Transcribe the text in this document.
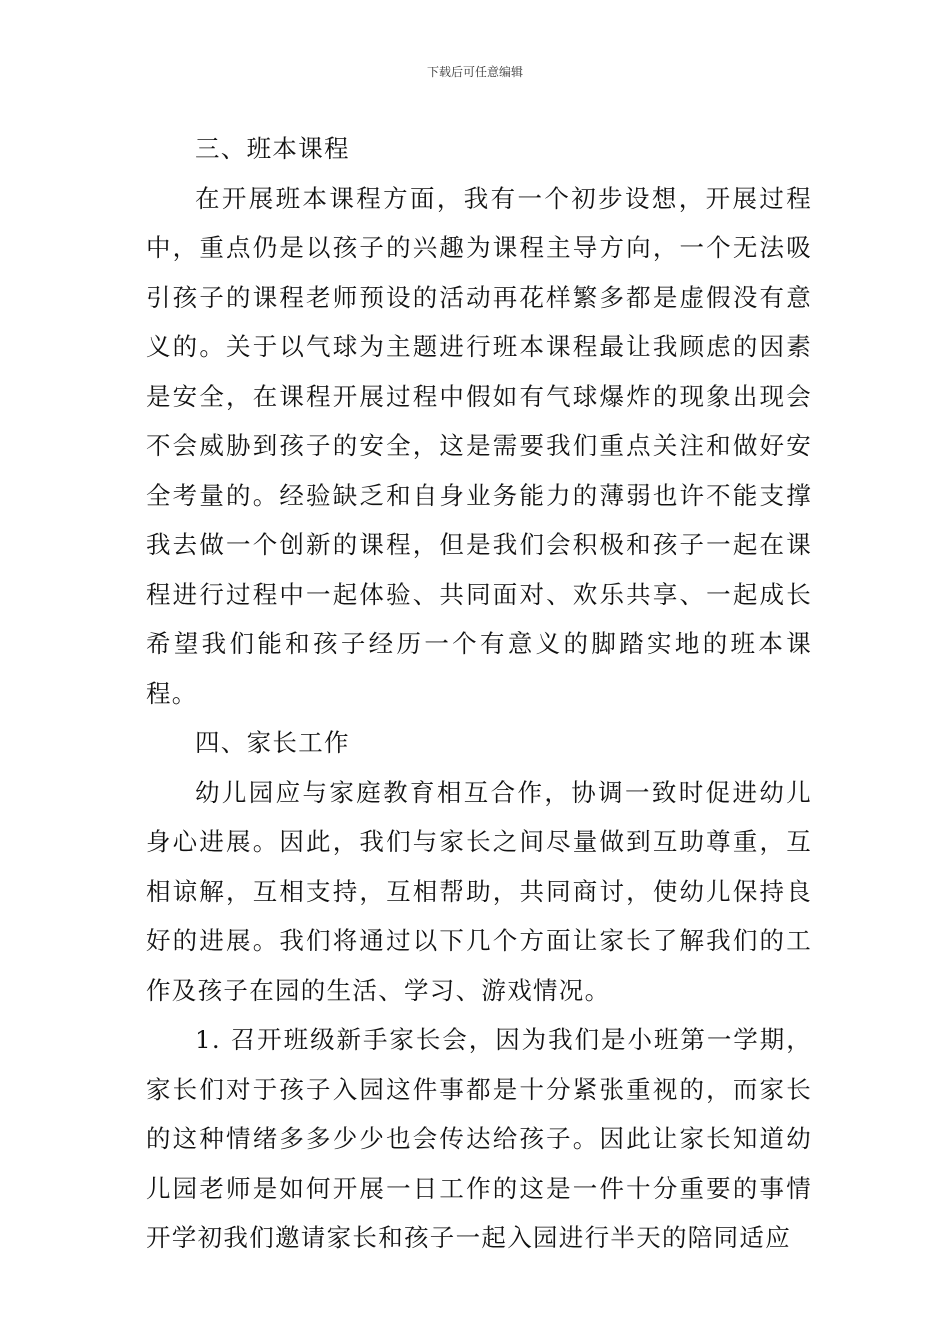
下载后可任意编辑

三、班本课程

在开展班本课程方面，我有一个初步设想，开展过程中，重点仍是以孩子的兴趣为课程主导方向，一个无法吸引孩子的课程老师预设的活动再花样繁多都是虚假没有意义的。关于以气球为主题进行班本课程最让我顾虑的因素是安全，在课程开展过程中假如有气球爆炸的现象出现会不会威胁到孩子的安全，这是需要我们重点关注和做好安全考量的。经验缺乏和自身业务能力的薄弱也许不能支撑我去做一个创新的课程，但是我们会积极和孩子一起在课程进行过程中一起体验、共同面对、欢乐共享、一起成长希望我们能和孩子经历一个有意义的脚踏实地的班本课程。

四、家长工作

幼儿园应与家庭教育相互合作，协调一致时促进幼儿身心进展。因此，我们与家长之间尽量做到互助尊重，互相谅解，互相支持，互相帮助，共同商讨，使幼儿保持良好的进展。我们将通过以下几个方面让家长了解我们的工作及孩子在园的生活、学习、游戏情况。

1. 召开班级新手家长会，因为我们是小班第一学期，家长们对于孩子入园这件事都是十分紧张重视的，而家长的这种情绪多多少少也会传达给孩子。因此让家长知道幼儿园老师是如何开展一日工作的这是一件十分重要的事情开学初我们邀请家长和孩子一起入园进行半天的陪同适应
